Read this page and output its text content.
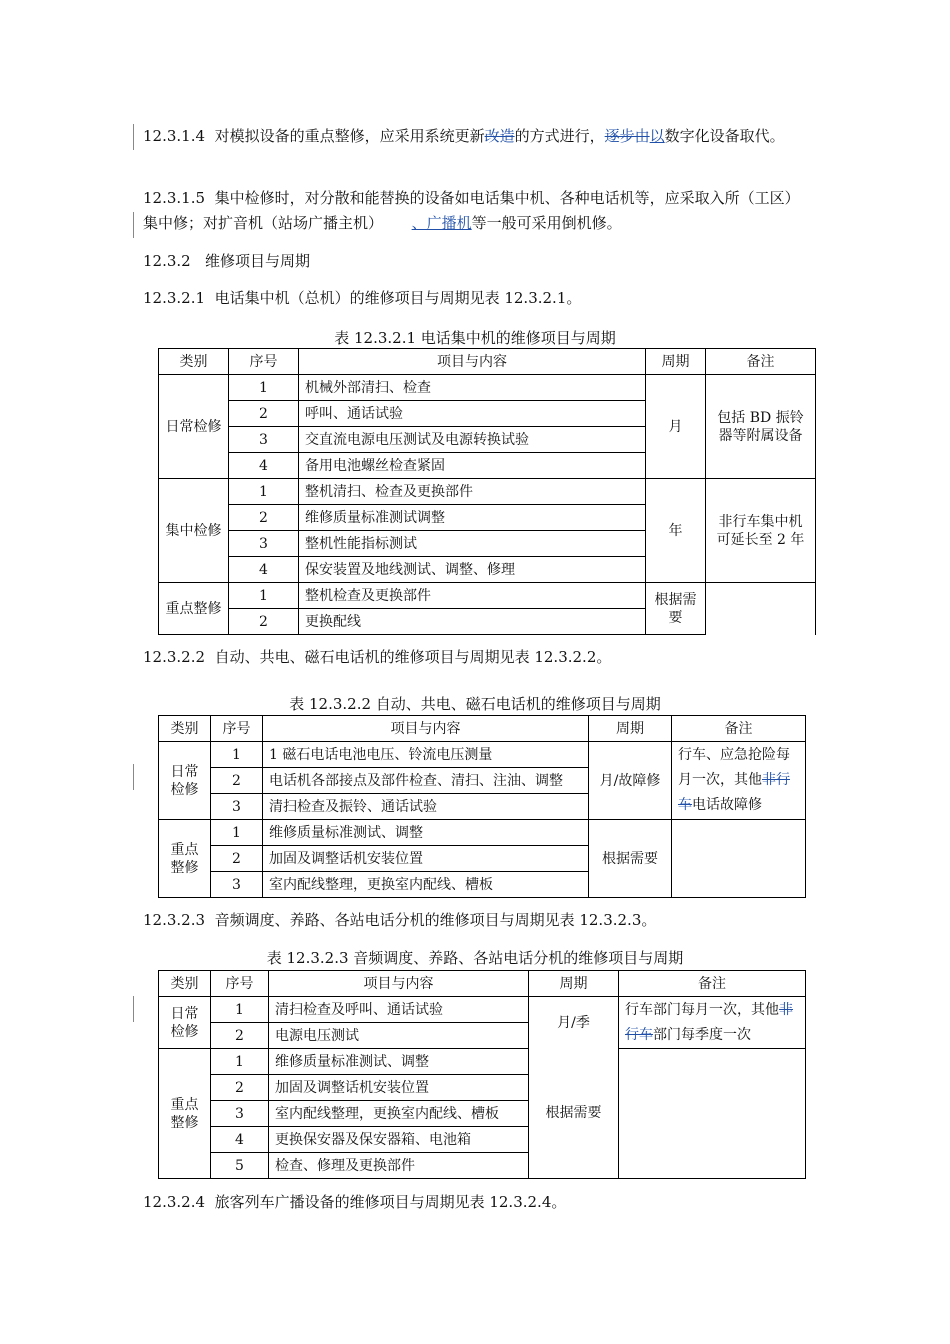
12.3.1.4 对模拟设备的重点整修，应采用系统更新改造的方式进行，逐步由以数字化设备取代。

12.3.1.5 集中检修时，对分散和能替换的设备如电话集中机、各种电话机等，应采取入所（工区）集中修；对扩音机（站场广播主机） 、广播机等一般可采用倒机修。

12.3.2 维修项目与周期

12.3.2.1 电话集中机（总机）的维修项目与周期见表 12.3.2.1。

表 12.3.2.1 电话集中机的维修项目与周期

类别	序号	项目与内容	周期	备注
日常检修	1	机械外部清扫、检查	月	包括 BD 振铃器等附属设备
	2	呼叫、通话试验		
	3	交直流电源电压测试及电源转换试验		
	4	备用电池螺丝检查紧固		
集中检修	1	整机清扫、检查及更换部件	年	非行车集中机可延长至 2 年
	2	维修质量标准测试调整		
	3	整机性能指标测试		
	4	保安装置及地线测试、调整、修理		
重点整修	1	整机检查及更换部件	根据需要	
	2	更换配线		

12.3.2.2 自动、共电、磁石电话机的维修项目与周期见表 12.3.2.2。

表 12.3.2.2 自动、共电、磁石电话机的维修项目与周期

类别	序号	项目与内容	周期	备注
日常检修	1	1 磁石电话电池电压、铃流电压测量	月/故障修	行车、应急抢险每月一次，其他非行车电话故障修
	2	电话机各部接点及部件检查、清扫、注油、调整		
	3	清扫检查及振铃、通话试验		
重点整修	1	维修质量标准测试、调整	根据需要	
	2	加固及调整话机安装位置		
	3	室内配线整理，更换室内配线、槽板		

12.3.2.3 音频调度、养路、各站电话分机的维修项目与周期见表 12.3.2.3。

表 12.3.2.3 音频调度、养路、各站电话分机的维修项目与周期

类别	序号	项目与内容	周期	备注
日常检修	1	清扫检查及呼叫、通话试验	月/季	行车部门每月一次，其他非行车部门每季度一次
	2	电源电压测试		
重点整修	1	维修质量标准测试、调整	根据需要	
	2	加固及调整话机安装位置		
	3	室内配线整理，更换室内配线、槽板		
	4	更换保安器及保安器箱、电池箱		
	5	检查、修理及更换部件		

12.3.2.4 旅客列车广播设备的维修项目与周期见表 12.3.2.4。
